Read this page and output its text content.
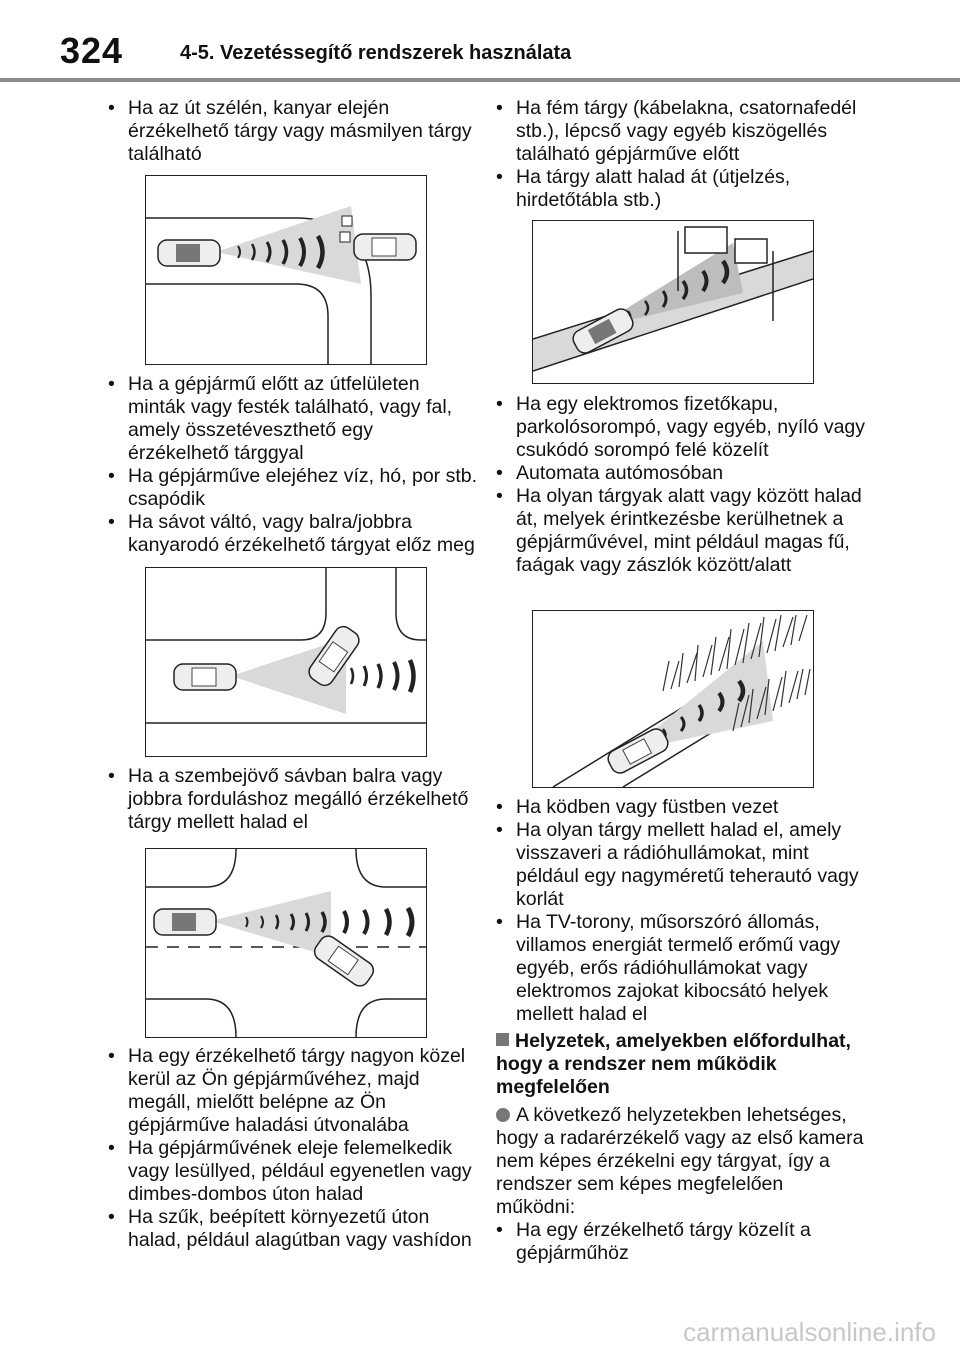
324	4-5. Vezetéssegítő rendszerek használata
• Ha az út szélén, kanyar elején érzékelhető tárgy vagy másmilyen tárgy található
• Ha a gépjármű előtt az útfelületen minták vagy festék található, vagy fal, amely összetéveszthető egy érzékelhető tárggyal
• Ha gépjárműve elejéhez víz, hó, por stb. csapódik
• Ha sávot váltó, vagy balra/jobbra kanyarodó érzékelhető tárgyat előz meg
• Ha a szembejövő sávban balra vagy jobbra forduláshoz megálló érzékelhető tárgy mellett halad el
• Ha egy érzékelhető tárgy nagyon közel kerül az Ön gépjárművéhez, majd megáll, mielőtt belépne az Ön gépjárműve haladási útvonalába
• Ha gépjárművének eleje felemelkedik vagy lesüllyed, például egyenetlen vagy dimbes-dombos úton halad
• Ha szűk, beépített környezetű úton halad, például alagútban vagy vashídon
• Ha fém tárgy (kábelakna, csatornafedél stb.), lépcső vagy egyéb kiszögellés található gépjárműve előtt
• Ha tárgy alatt halad át (útjelzés, hirdetőtábla stb.)
• Ha egy elektromos fizetőkapu, parkolósorompó, vagy egyéb, nyíló vagy csukódó sorompó felé közelít
• Automata autómosóban
• Ha olyan tárgyak alatt vagy között halad át, melyek érintkezésbe kerülhetnek a gépjárművével, mint például magas fű, faágak vagy zászlók között/alatt
• Ha ködben vagy füstben vezet
• Ha olyan tárgy mellett halad el, amely visszaveri a rádióhullámokat, mint például egy nagyméretű teherautó vagy korlát
• Ha TV-torony, műsorszóró állomás, villamos energiát termelő erőmű vagy egyéb, erős rádióhullámokat vagy elektromos zajokat kibocsátó helyek mellett halad el
Helyzetek, amelyekben előfordulhat, hogy a rendszer nem működik megfelelően
A következő helyzetekben lehetséges, hogy a radarérzékelő vagy az első kamera nem képes érzékelni egy tárgyat, így a rendszer sem képes megfelelően működni:
• Ha egy érzékelhető tárgy közelít a gépjárműhöz
carmanualsonline.info
